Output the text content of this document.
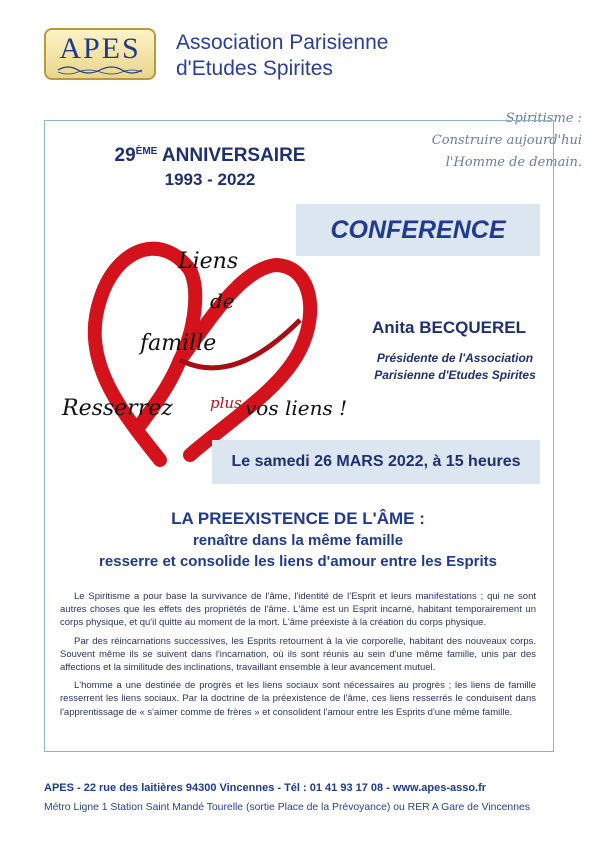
APES	Association Parisienne
d'Etudes Spirites
Spiritisme :
Construire aujourd'hui
l'Homme de demain.
29ÈME ANNIVERSAIRE
1993 - 2022
CONFERENCE
Liens
de
famille
Resserrez plus vos liens !
Anita BECQUEREL
Présidente de l'Association
Parisienne d'Etudes Spirites
Le samedi 26 MARS 2022, à 15 heures
LA PREEXISTENCE DE L'ÂME :
renaître dans la même famille
resserre et consolide les liens d'amour entre les Esprits

Le Spiritisme a pour base la survivance de l'âme, l'identité de l'Esprit et leurs manifestations ; qui ne sont autres choses que les effets des propriétés de l'âme. L'âme est un Esprit incarné, habitant temporairement un corps physique, et qu'il quitte au moment de la mort. L'âme préexiste à la création du corps physique.

Par des réincarnations successives, les Esprits retournent à la vie corporelle, habitant des nouveaux corps. Souvent même ils se suivent dans l'incarnation, où ils sont réunis au sein d'une même famille, unis par des affections et la similitude des inclinations, travaillant ensemble à leur avancement mutuel.

L'homme a une destinée de progrès et les liens sociaux sont nécessaires au progrès ; les liens de famille resserrent les liens sociaux. Par la doctrine de la préexistence de l'âme, ces liens resserrés le conduisent dans l'apprentissage de « s'aimer comme de frères » et consolident l'amour entre les Esprits d'une même famille.

APES - 22 rue des laitières 94300 Vincennes - Tél : 01 41 93 17 08 - www.apes-asso.fr
Métro Ligne 1 Station Saint Mandé Tourelle (sortie Place de la Prévoyance) ou RER A Gare de Vincennes
